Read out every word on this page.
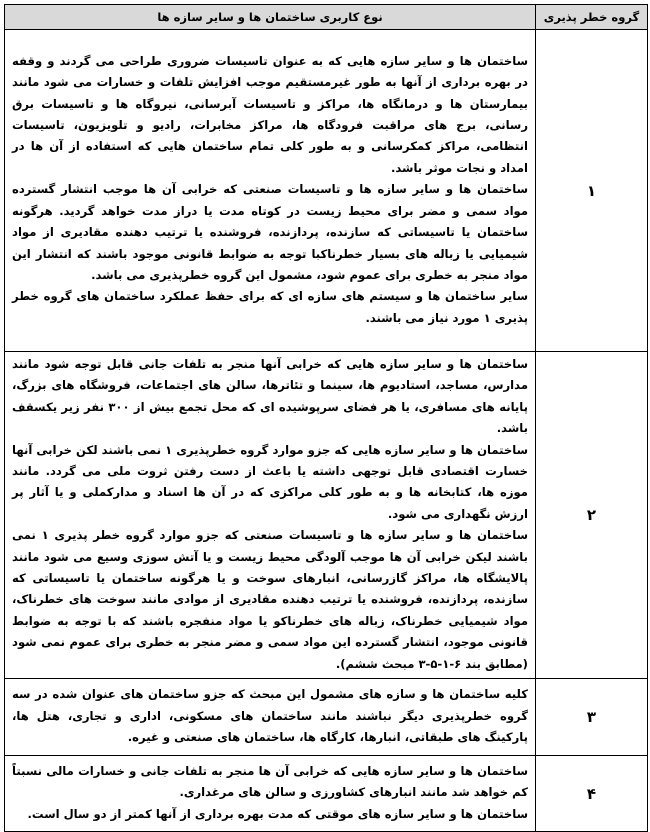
گروه خطر پذیری	نوع کاربری ساختمان ها و سایر سازه ها
۱	ساختمان ها و سایر سازه هایی که به عنوان تاسیسات ضروری طراحی می گردند و وقفه در بهره برداری از آنها به طور غیرمستقیم موجب افزایش تلفات و خسارات می شود مانند بیمارستان ها و درمانگاه ها، مراکز و تاسیسات آبرسانی، نیروگاه ها و تاسیسات برق رسانی، برج های مراقبت فرودگاه ها، مراکز مخابرات، رادیو و تلویزیون، تاسیسات انتظامی، مراکز کمکرسانی و به طور کلی تمام ساختمان هایی که استفاده از آن ها در امداد و نجات موثر باشد.

ساختمان ها و سایر سازه ها و تاسیسات صنعتی که خرابی آن ها موجب انتشار گسترده مواد سمی و مضر برای محیط زیست در کوتاه مدت یا دراز مدت خواهد گردید. هرگونه ساختمان یا تاسیساتی که سازنده، پردازنده، فروشنده یا ترتیب دهنده مقادیری از مواد شیمیایی یا زباله های بسیار خطرناکبا توجه به ضوابط قانونی موجود باشند که انتشار این مواد منجر به خطری برای عموم شود، مشمول این گروه خطرپذیری می باشد.

سایر ساختمان ها و سیستم های سازه ای که برای حفظ عملکرد ساختمان های گروه خطر پذیری ۱ مورد نیاز می باشند.

۲	ساختمان ها و سایر سازه هایی که خرابی آنها منجر به تلفات جانی قابل توجه شود مانند مدارس، مساجد، استادیوم ها، سینما و تئاترها، سالن های اجتماعات، فروشگاه های بزرگ، پایانه های مسافری، یا هر فضای سرپوشیده ای که محل تجمع بیش از ۳۰۰ نفر زیر یکسقف باشد.

ساختمان ها و سایر سازه هایی که جزو موارد گروه خطرپذیری ۱ نمی باشند لکن خرابی آنها خسارت اقتصادی قابل توجهی داشته یا باعث از دست رفتن ثروت ملی می گردد. مانند موزه ها، کتابخانه ها و به طور کلی مراکزی که در آن ها اسناد و مدارکملی و یا آثار پر ارزش نگهداری می شود.

ساختمان ها و سایر سازه ها و تاسیسات صنعتی که جزو موارد گروه خطر پذیری ۱ نمی باشند لیکن خرابی آن ها موجب آلودگی محیط زیست و یا آتش سوزی وسیع می شود مانند پالایشگاه ها، مراکز گازرسانی، انبارهای سوخت و یا هرگونه ساختمان یا تاسیساتی که سازنده، پردازنده، فروشنده یا ترتیب دهنده مقادیری از موادی مانند سوخت های خطرناک، مواد شیمیایی خطرناک، زباله های خطرناکو یا مواد منفجره باشند که با توجه به ضوابط قانونی موجود، انتشار گسترده این مواد سمی و مضر منجر به خطری برای عموم نمی شود (مطابق بند ۶-۱-۵-۳ مبحث ششم).

۳	کلیه ساختمان ها و سازه های مشمول این مبحث که جزو ساختمان های عنوان شده در سه گروه خطرپذیری دیگر نباشند مانند ساختمان های مسکونی، اداری و تجاری، هتل ها، پارکینگ های طبقاتی، انبارها، کارگاه ها، ساختمان های صنعتی و غیره.

۴	ساختمان ها و سایر سازه هایی که خرابی آن ها منجر به تلفات جانی و خسارات مالی نسبتاً کم خواهد شد مانند انبارهای کشاورزی و سالن های مرغداری.

ساختمان ها و سایر سازه های موقتی که مدت بهره برداری از آنها کمتر از دو سال است.
